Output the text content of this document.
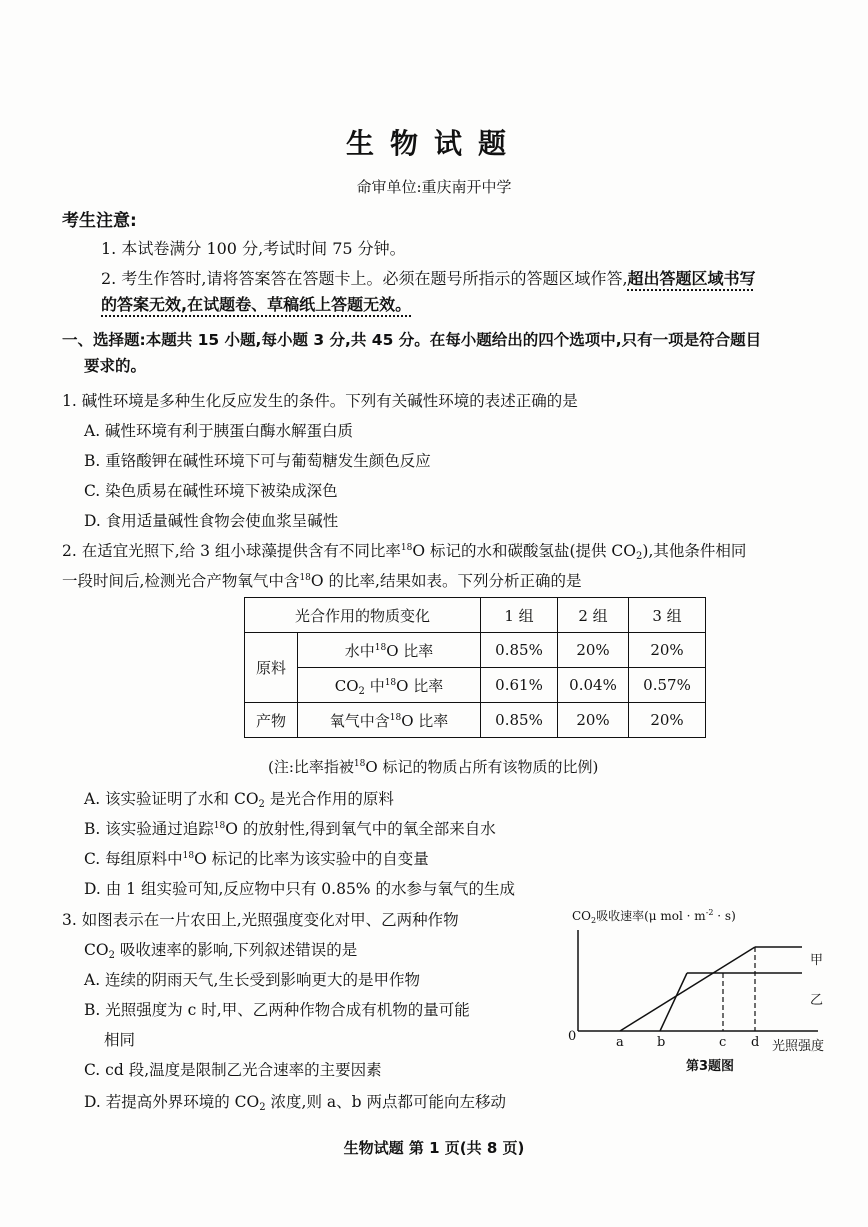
生物试题
命审单位:重庆南开中学
考生注意:
1. 本试卷满分 100 分,考试时间 75 分钟。
2. 考生作答时,请将答案答在答题卡上。必须在题号所指示的答题区域作答,超出答题区域书写
的答案无效,在试题卷、草稿纸上答题无效。
一、选择题:本题共 15 小题,每小题 3 分,共 45 分。在每小题给出的四个选项中,只有一项是符合题目
要求的。
1. 碱性环境是多种生化反应发生的条件。下列有关碱性环境的表述正确的是
A. 碱性环境有利于胰蛋白酶水解蛋白质
B. 重铬酸钾在碱性环境下可与葡萄糖发生颜色反应
C. 染色质易在碱性环境下被染成深色
D. 食用适量碱性食物会使血浆呈碱性
2. 在适宜光照下,给 3 组小球藻提供含有不同比率$^{18}$O 标记的水和碳酸氢盐(提供 $CO_2$),其他条件相同
一段时间后,检测光合产物氧气中含$^{18}$O 的比率,结果如表。下列分析正确的是
光合作用的物质变化		1 组	2 组	3 组
原料	水中$^{18}$O 比率	0.85%	20%	20%
	$CO_2$ 中$^{18}$O 比率	0.61%	0.04%	0.57%
产物	氧气中含$^{18}$O 比率	0.85%	20%	20%
(注:比率指被$^{18}$O 标记的物质占所有该物质的比例)
A. 该实验证明了水和 $CO_2$ 是光合作用的原料
B. 该实验通过追踪$^{18}$O 的放射性,得到氧气中的氧全部来自水
C. 每组原料中$^{18}$O 标记的比率为该实验中的自变量
D. 由 1 组实验可知,反应物中只有 0.85% 的水参与氧气的生成
3. 如图表示在一片农田上,光照强度变化对甲、乙两种作物
$CO_2$ 吸收速率的影响,下列叙述错误的是
A. 连续的阴雨天气,生长受到影响更大的是甲作物
B. 光照强度为 c 时,甲、乙两种作物合成有机物的量可能
相同
C. cd 段,温度是限制乙光合速率的主要因素
D. 若提高外界环境的 $CO_2$ 浓度,则 a、b 两点都可能向左移动
$CO_2$吸收速率(μ mol · $m^{-2} \cdot s$)
0	a	b	c d 光照强度
甲
乙
第3题图
生物试题 第 1 页(共 8 页)
